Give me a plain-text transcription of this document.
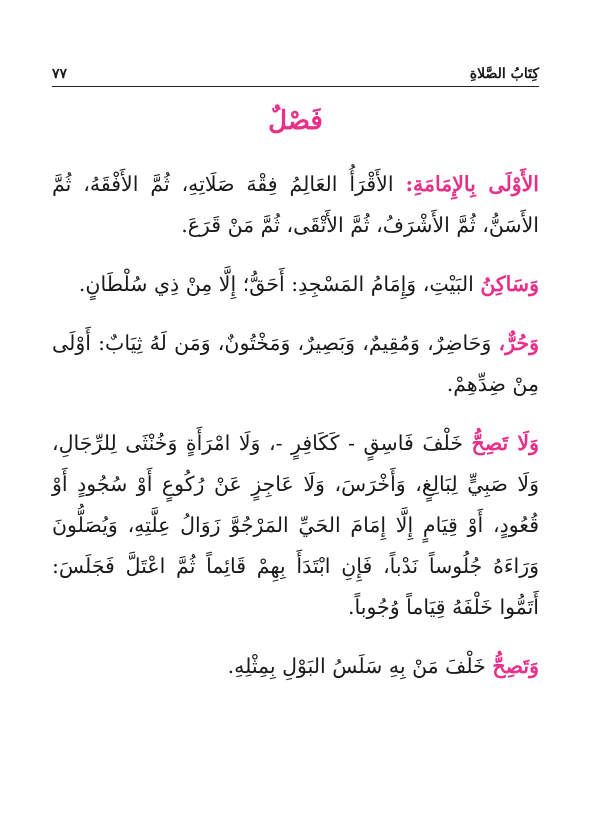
كِتَابُ الصَّلاةِ
٧٧
فَصْلٌ

الأَوْلَى بِالإِمَامَةِ: الأَقْرَأُ العَالِمُ فِقْهَ صَلَاتِهِ، ثُمَّ الأَفْقَهُ، ثُمَّ الأَسَنُّ، ثُمَّ الأَشْرَفُ، ثُمَّ الأَتْقَى، ثُمَّ مَنْ قَرَعَ.

وَسَاكِنُ البَيْتِ، وَإِمَامُ المَسْجِدِ: أَحَقُّ؛ إِلَّا مِنْ ذِي سُلْطَانٍ.

وَحُرٌّ، وَحَاضِرٌ، وَمُقِيمٌ، وَبَصِيرٌ، وَمَخْتُونٌ، وَمَن لَهُ ثِيَابٌ: أَوْلَى مِنْ ضِدِّهِمْ.

وَلَا تَصِحُّ خَلْفَ فَاسِقٍ - كَكَافِرٍ -، وَلَا امْرَأَةٍ وَخُنْثَى لِلرِّجَالِ، وَلَا صَبِيٍّ لِبَالِغٍ، وَأَخْرَسَ، وَلَا عَاجِزٍ عَنْ رُكُوعٍ أَوْ سُجُودٍ أَوْ قُعُودٍ، أَوْ قِيَامٍ إِلَّا إِمَامَ الحَيِّ المَرْجُوَّ زَوَالُ عِلَّتِهِ، وَيُصَلُّونَ وَرَاءَهُ جُلُوساً نَدْباً، فَإِنِ ابْتَدَأَ بِهِمْ قَائِماً ثُمَّ اعْتَلَّ فَجَلَسَ: أَتَمُّوا خَلْفَهُ قِيَاماً وُجُوباً.

وَتَصِحُّ خَلْفَ مَنْ بِهِ سَلَسُ البَوْلِ بِمِثْلِهِ.
